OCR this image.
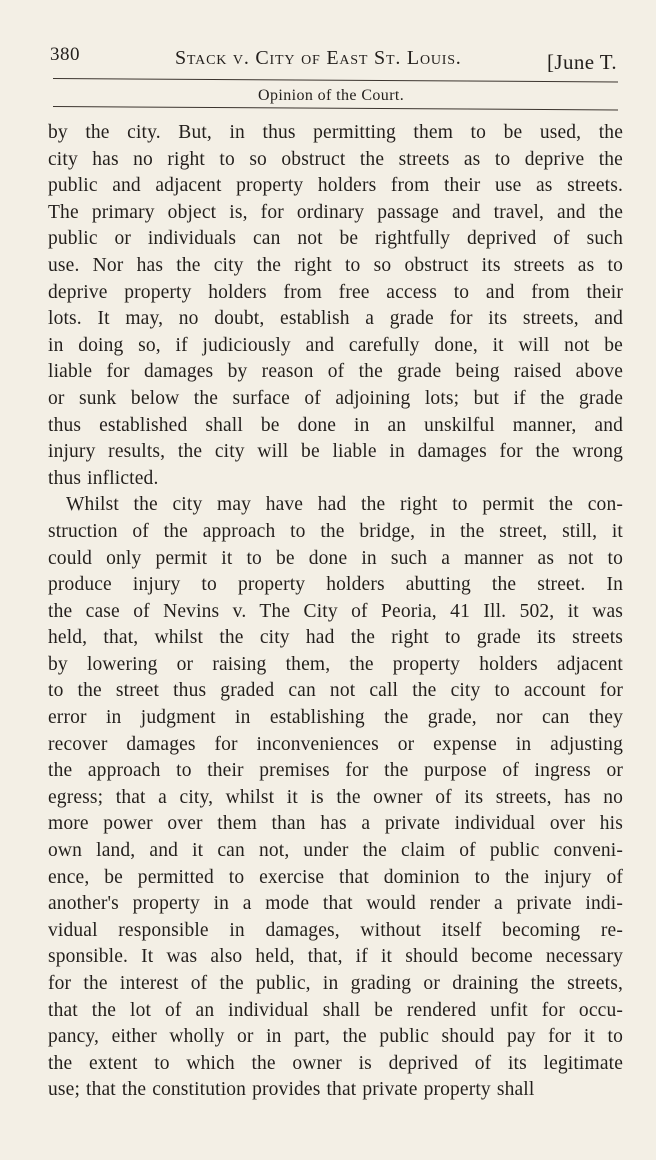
380	Stack v. City of East St. Louis.	[June T.
Opinion of the Court.
by the city. But, in thus permitting them to be used, the
city has no right to so obstruct the streets as to deprive the
public and adjacent property holders from their use as streets.
The primary object is, for ordinary passage and travel, and the
public or individuals can not be rightfully deprived of such
use. Nor has the city the right to so obstruct its streets as to
deprive property holders from free access to and from their
lots. It may, no doubt, establish a grade for its streets, and
in doing so, if judiciously and carefully done, it will not be
liable for damages by reason of the grade being raised above
or sunk below the surface of adjoining lots; but if the grade
thus established shall be done in an unskilful manner, and
injury results, the city will be liable in damages for the wrong
thus inflicted.
Whilst the city may have had the right to permit the con-
struction of the approach to the bridge, in the street, still, it
could only permit it to be done in such a manner as not to
produce injury to property holders abutting the street. In
the case of Nevins v. The City of Peoria, 41 Ill. 502, it was
held, that, whilst the city had the right to grade its streets
by lowering or raising them, the property holders adjacent
to the street thus graded can not call the city to account for
error in judgment in establishing the grade, nor can they
recover damages for inconveniences or expense in adjusting
the approach to their premises for the purpose of ingress or
egress; that a city, whilst it is the owner of its streets, has no
more power over them than has a private individual over his
own land, and it can not, under the claim of public conveni-
ence, be permitted to exercise that dominion to the injury of
another's property in a mode that would render a private indi-
vidual responsible in damages, without itself becoming re-
sponsible. It was also held, that, if it should become necessary
for the interest of the public, in grading or draining the streets,
that the lot of an individual shall be rendered unfit for occu-
pancy, either wholly or in part, the public should pay for it to
the extent to which the owner is deprived of its legitimate
use; that the constitution provides that private property shall
